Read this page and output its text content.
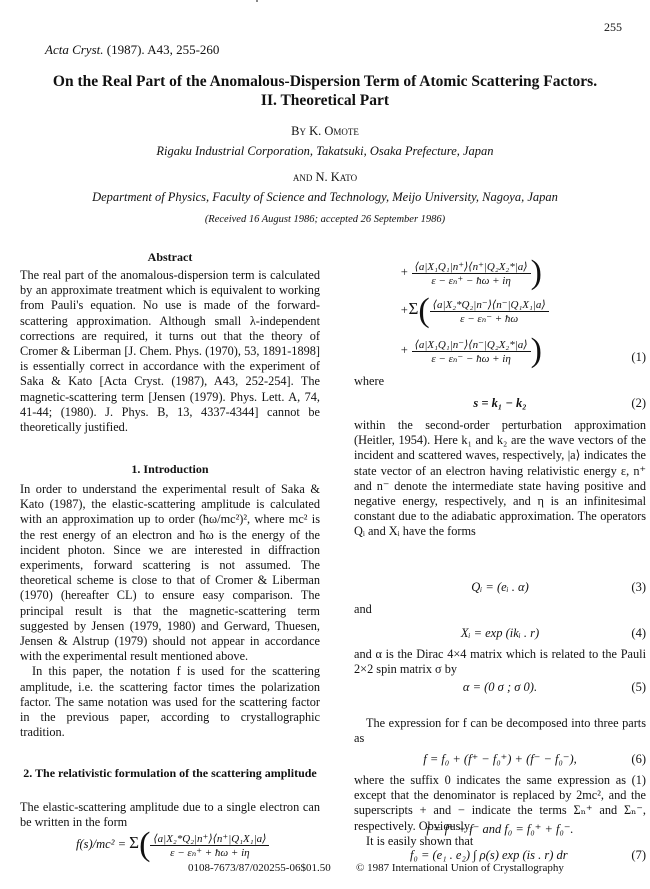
255
Acta Cryst. (1987). A43, 255-260
On the Real Part of the Anomalous-Dispersion Term of Atomic Scattering Factors.
II. Theoretical Part
By K. Omote
Rigaku Industrial Corporation, Takatsuki, Osaka Prefecture, Japan
and N. Kato
Department of Physics, Faculty of Science and Technology, Meijo University, Nagoya, Japan
(Received 16 August 1986; accepted 26 September 1986)
Abstract
The real part of the anomalous-dispersion term is calculated by an approximate treatment which is equivalent to working from Pauli's equation. No use is made of the forward-scattering approximation. Although small λ-independent corrections are required, it turns out that the theory of Cromer & Liberman [J. Chem. Phys. (1970), 53, 1891-1898] is essentially correct in accordance with the experiment of Saka & Kato [Acta Cryst. (1987), A43, 252-254]. The magnetic-scattering term [Jensen (1979). Phys. Lett. A, 74, 41-44; (1980). J. Phys. B, 13, 4337-4344] cannot be theoretically justified.
1. Introduction

In order to understand the experimental result of Saka & Kato (1987), the elastic-scattering amplitude is calculated with an approximation up to order (ħω/mc²)², where mc² is the rest energy of an electron and ħω is the energy of the incident photon. Since we are interested in diffraction experiments, forward scattering is not assumed. The theoretical scheme is close to that of Cromer & Liberman (1970) (hereafter CL) to ensure easy comparison. The principal result is that the magnetic-scattering term suggested by Jensen (1979, 1980) and Gerward, Thuesen, Jensen & Alstrup (1979) should not appear in accordance with the experimental result mentioned above.

In this paper, the notation f is used for the scattering amplitude, i.e. the scattering factor times the polarization factor. The same notation was used for the scattering factor in the previous paper, according to crystallographic tradition.

2. The relativistic formulation of the scattering amplitude
The elastic-scattering amplitude due to a single electron can be written in the form
$f(s)/mc^2 = \Sigma( \frac{\text{⟨a|X₂*Q₂|n⁺⟩⟨n⁺|Q₁X₁|a⟩}}{\text{ε − εₙ⁺ + ħω + iη}}$
+ $\frac{\text{⟨a|X₁Q₁|n⁺⟩⟨n⁺|Q₂X₂*|a⟩}}{\text{ε − εₙ⁺ − ħω + iη}}$ )
$+\Sigma( \frac{\text{⟨a|X₂*Q₂|n⁻⟩⟨n⁻|Q₁X₁|a⟩}}{\text{ε − εₙ⁻ + ħω}}$
+ $\frac{\text{⟨a|X₁Q₁|n⁻⟩⟨n⁻|Q₂X₂*|a⟩}}{\text{ε − εₙ⁻ − ħω + iη}}$ )	(1)
where
s = k₁ − k₂	(2)
within the second-order perturbation approximation (Heitler, 1954). Here k₁ and k₂ are the wave vectors of the incident and scattered waves, respectively, |a⟩ indicates the state vector of an electron having relativistic energy ε, n⁺ and n⁻ denote the intermediate state having positive and negative energy, respectively, and η is an infinitesimal constant due to the adiabatic approximation. The operators Qᵢ and Xᵢ have the forms
Qᵢ = (eᵢ . α)	(3)
and
Xᵢ = exp (ikᵢ . r)	(4)
and α is the Dirac 4×4 matrix which is related to the Pauli 2×2 spin matrix σ by
α = (0 σ ; σ 0).	(5)
The expression for f can be decomposed into three parts as
f = f₀ + (f⁺ − f₀⁺) + (f⁻ − f₀⁻),	(6)
where the suffix 0 indicates the same expression as (1) except that the denominator is replaced by 2mc², and the superscripts + and − indicate the terms Σₙ⁺ and Σₙ⁻, respectively. Obviously,
f = f⁺ + f⁻ and f₀ = f₀⁺ + f₀⁻.
It is easily shown that
f₀ = (e₁ . e₂) ∫ ρ(s) exp (is . r) dr	(7)
0108-7673/87/020255-06$01.50 © 1987 International Union of Crystallography
